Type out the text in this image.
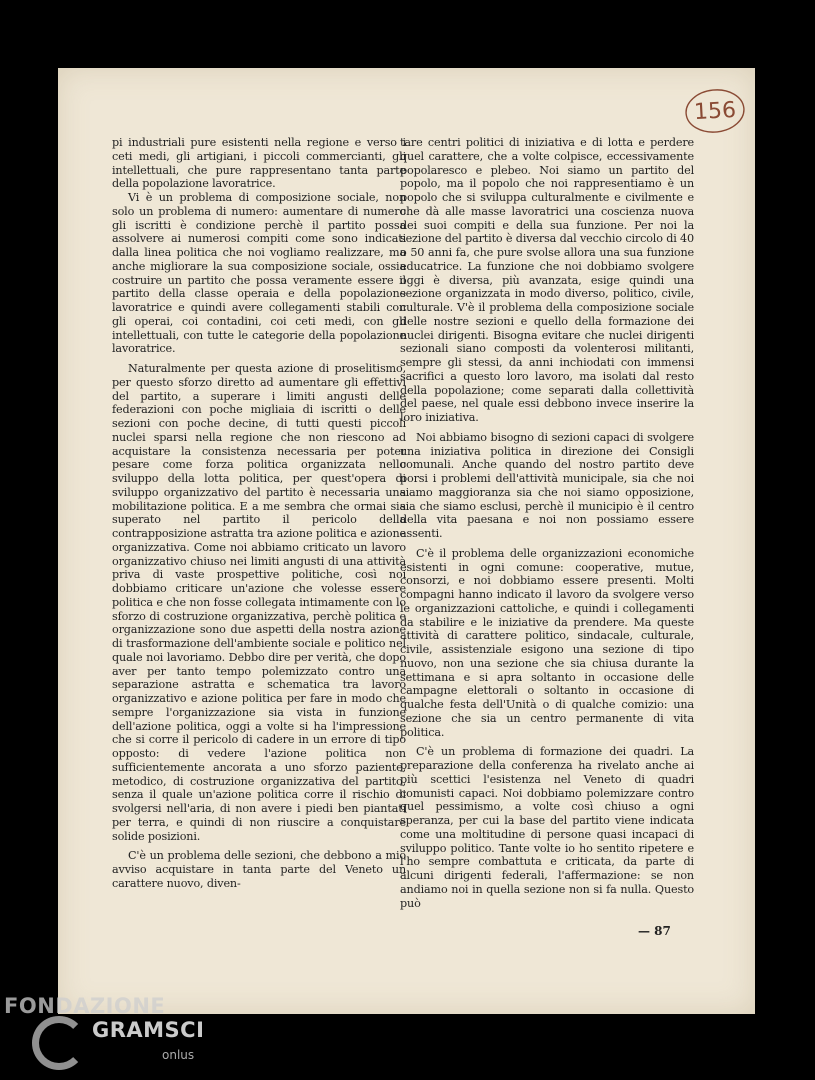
156

pi industriali pure esistenti nella regione e verso i ceti medi, gli artigiani, i piccoli commercianti, gli intellettuali, che pure rappresentano tanta parte della popolazione lavoratrice.

Vi è un problema di composizione sociale, non solo un problema di numero: aumentare di numero gli iscritti è condizione perchè il partito possa assolvere ai numerosi compiti come sono indicati dalla linea politica che noi vogliamo realizzare, ma anche migliorare la sua composizione sociale, ossia costruire un partito che possa veramente essere il partito della classe operaia e della popolazione lavoratrice e quindi avere collegamenti stabili con gli operai, coi contadini, coi ceti medi, con gli intellettuali, con tutte le categorie della popolazione lavoratrice.

Naturalmente per questa azione di proselitismo, per questo sforzo diretto ad aumentare gli effettivi del partito, a superare i limiti angusti delle federazioni con poche migliaia di iscritti o delle sezioni con poche decine, di tutti questi piccoli nuclei sparsi nella regione che non riescono ad acquistare la consistenza necessaria per poter pesare come forza politica organizzata nello sviluppo della lotta politica, per quest'opera di sviluppo organizzativo del partito è necessaria una mobilitazione politica. E a me sembra che ormai sia superato nel partito il pericolo della contrapposizione astratta tra azione politica e azione organizzativa. Come noi abbiamo criticato un lavoro organizzativo chiuso nei limiti angusti di una attività priva di vaste prospettive politiche, così noi dobbiamo criticare un'azione che volesse essere politica e che non fosse collegata intimamente con lo sforzo di costruzione organizzativa, perchè politica e organizzazione sono due aspetti della nostra azione di trasformazione dell'ambiente sociale e politico nel quale noi lavoriamo. Debbo dire per verità, che dopo aver per tanto tempo polemizzato contro una separazione astratta e schematica tra lavoro organizzativo e azione politica per fare in modo che sempre l'organizzazione sia vista in funzione dell'azione politica, oggi a volte si ha l'impressione che si corre il pericolo di cadere in un errore di tipo opposto: di vedere l'azione politica non sufficientemente ancorata a uno sforzo paziente, metodico, di costruzione organizzativa del partito, senza il quale un'azione politica corre il rischio di svolgersi nell'aria, di non avere i piedi ben piantati per terra, e quindi di non riuscire a conquistare solide posizioni.

C'è un problema delle sezioni, che debbono a mio avviso acquistare in tanta parte del Veneto un carattere nuovo, diven-

tare centri politici di iniziativa e di lotta e perdere quel carattere, che a volte colpisce, eccessivamente popolaresco e plebeo. Noi siamo un partito del popolo, ma il popolo che noi rappresentiamo è un popolo che si sviluppa culturalmente e civilmente e che dà alle masse lavoratrici una coscienza nuova dei suoi compiti e della sua funzione. Per noi la sezione del partito è diversa dal vecchio circolo di 40 o 50 anni fa, che pure svolse allora una sua funzione educatrice. La funzione che noi dobbiamo svolgere oggi è diversa, più avanzata, esige quindi una sezione organizzata in modo diverso, politico, civile, culturale. V'è il problema della composizione sociale delle nostre sezioni e quello della formazione dei nuclei dirigenti. Bisogna evitare che nuclei dirigenti sezionali siano composti da volenterosi militanti, sempre gli stessi, da anni inchiodati con immensi sacrifici a questo loro lavoro, ma isolati dal resto della popolazione; come separati dalla collettività del paese, nel quale essi debbono invece inserire la loro iniziativa.

Noi abbiamo bisogno di sezioni capaci di svolgere una iniziativa politica in direzione dei Consigli comunali. Anche quando del nostro partito deve porsi i problemi dell'attività municipale, sia che noi siamo maggioranza sia che noi siamo opposizione, sia che siamo esclusi, perchè il municipio è il centro della vita paesana e noi non possiamo essere assenti.

C'è il problema delle organizzazioni economiche esistenti in ogni comune: cooperative, mutue, consorzi, e noi dobbiamo essere presenti. Molti compagni hanno indicato il lavoro da svolgere verso le organizzazioni cattoliche, e quindi i collegamenti da stabilire e le iniziative da prendere. Ma queste attività di carattere politico, sindacale, culturale, civile, assistenziale esigono una sezione di tipo nuovo, non una sezione che sia chiusa durante la settimana e si apra soltanto in occasione delle campagne elettorali o soltanto in occasione di qualche festa dell'Unità o di qualche comizio: una sezione che sia un centro permanente di vita politica.

C'è un problema di formazione dei quadri. La preparazione della conferenza ha rivelato anche ai più scettici l'esistenza nel Veneto di quadri comunisti capaci. Noi dobbiamo polemizzare contro quel pessimismo, a volte così chiuso a ogni speranza, per cui la base del partito viene indicata come una moltitudine di persone quasi incapaci di sviluppo politico. Tante volte io ho sentito ripetere e l'ho sempre combattuta e criticata, da parte di alcuni dirigenti federali, l'affermazione: se non andiamo noi in quella sezione non si fa nulla. Questo può

— 87
FONDAZIONE
GRAMSCI
onlus
